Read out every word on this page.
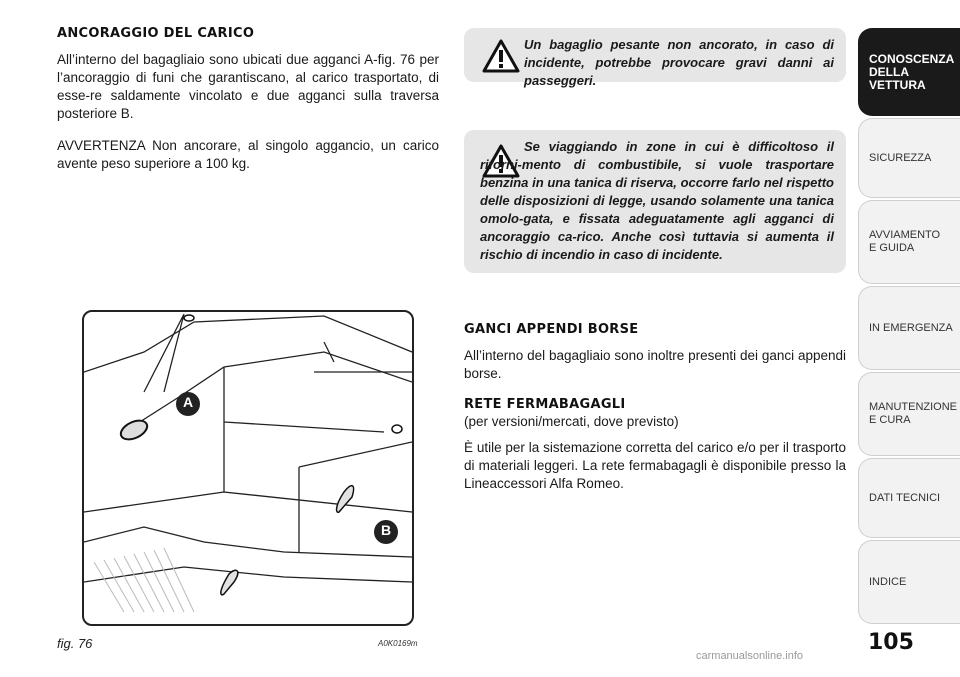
ANCORAGGIO DEL CARICO

All’interno del bagagliaio sono ubicati due agganci A-fig. 76 per l’ancoraggio di funi che garantiscano, al carico trasportato, di esse-re saldamente vincolato e due agganci sulla traversa posteriore B.

AVVERTENZA Non ancorare, al singolo aggancio, un carico avente peso superiore a 100 kg.

Un bagaglio pesante non ancorato, in caso di incidente, potrebbe provocare gravi danni ai passeggeri.
Se viaggiando in zone in cui è difficoltoso il riforni-mento di combustibile, si vuole trasportare benzina in una tanica di riserva, occorre farlo nel rispetto delle disposizioni di legge, usando solamente una tanica omolo-gata, e fissata adeguatamente agli agganci di ancoraggio ca-rico. Anche così tuttavia si aumenta il rischio di incendio in caso di incidente.
GANCI APPENDI BORSE

All’interno del bagagliaio sono inoltre presenti dei ganci appendi borse.

RETE FERMABAGAGLI
(per versioni/mercati, dove previsto)

È utile per la sistemazione corretta del carico e/o per il trasporto di materiali leggeri. La rete fermabagagli è disponibile presso la Lineaccessori Alfa Romeo.

A
B
fig. 76	A0K0169m	105
carmanualsonline.info
CONOSCENZA
DELLA
VETTURA
SICUREZZA
AVVIAMENTO
E GUIDA
IN EMERGENZA
MANUTENZIONE
E CURA
DATI TECNICI
INDICE
